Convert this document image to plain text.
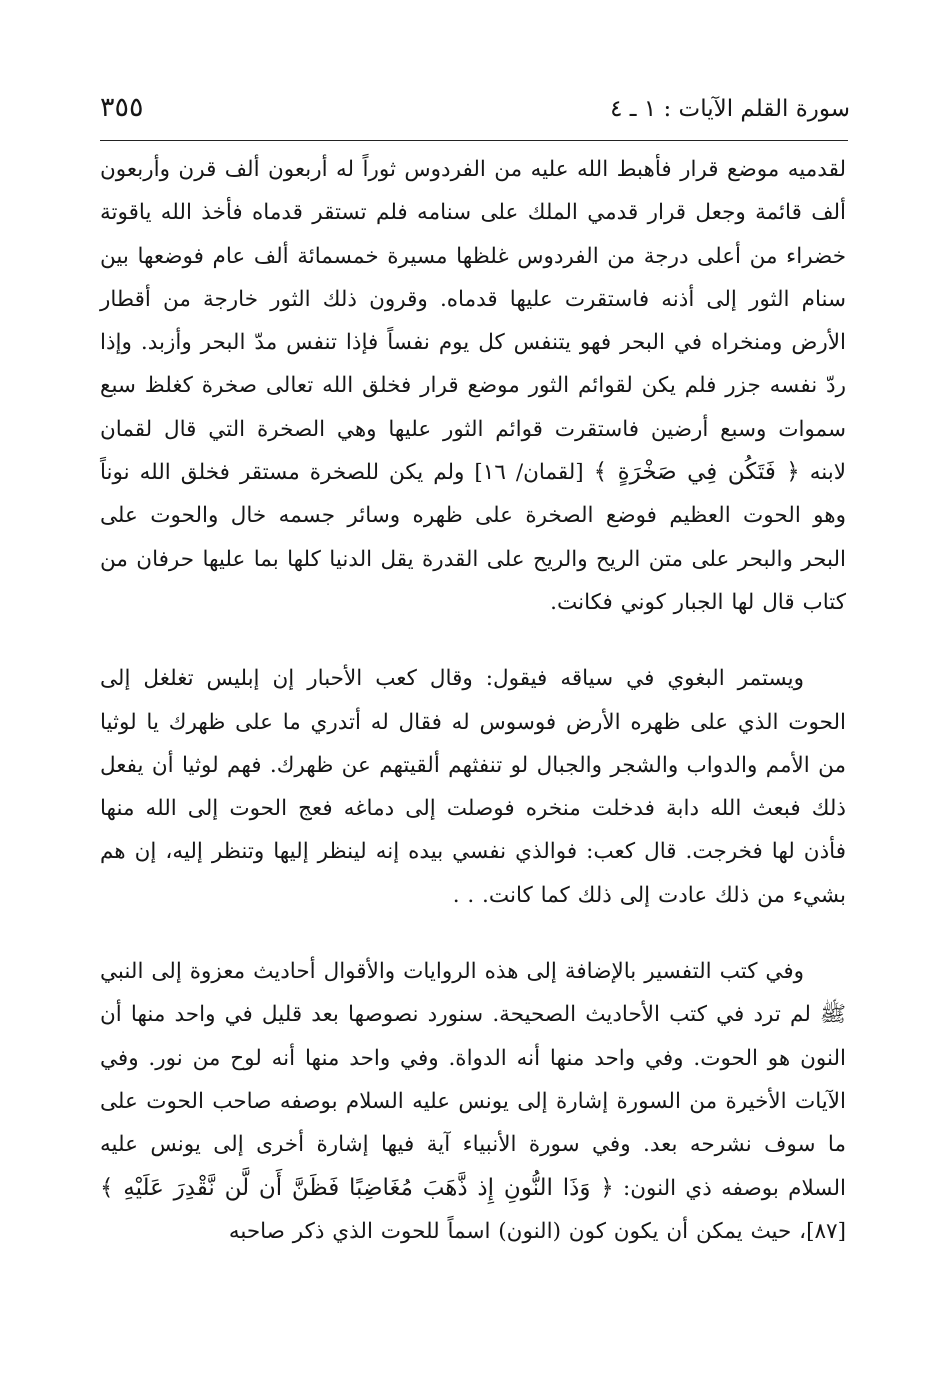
سورة القلم الآيات : ١ ـ ٤
٣٥٥

لقدميه موضع قرار فأهبط الله عليه من الفردوس ثوراً له أربعون ألف قرن وأربعون ألف قائمة وجعل قرار قدمي الملك على سنامه فلم تستقر قدماه فأخذ الله ياقوتة خضراء من أعلى درجة من الفردوس غلظها مسيرة خمسمائة ألف عام فوضعها بين سنام الثور إلى أذنه فاستقرت عليها قدماه. وقرون ذلك الثور خارجة من أقطار الأرض ومنخراه في البحر فهو يتنفس كل يوم نفساً فإذا تنفس مدّ البحر وأزبد. وإذا ردّ نفسه جزر فلم يكن لقوائم الثور موضع قرار فخلق الله تعالى صخرة كغلظ سبع سموات وسبع أرضين فاستقرت قوائم الثور عليها وهي الصخرة التي قال لقمان لابنه ﴿ فَتَكُن فِي صَخْرَةٍ ﴾ [لقمان/ ١٦] ولم يكن للصخرة مستقر فخلق الله نوناً وهو الحوت العظيم فوضع الصخرة على ظهره وسائر جسمه خال والحوت على البحر والبحر على متن الريح والريح على القدرة يقل الدنيا كلها بما عليها حرفان من كتاب قال لها الجبار كوني فكانت.

ويستمر البغوي في سياقه فيقول: وقال كعب الأحبار إن إبليس تغلغل إلى الحوت الذي على ظهره الأرض فوسوس له فقال له أتدري ما على ظهرك يا لوثيا من الأمم والدواب والشجر والجبال لو تنفثهم ألقيتهم عن ظهرك. فهم لوثيا أن يفعل ذلك فبعث الله دابة فدخلت منخره فوصلت إلى دماغه فعج الحوت إلى الله منها فأذن لها فخرجت. قال كعب: فوالذي نفسي بيده إنه لينظر إليها وتنظر إليه، إن هم بشيء من ذلك عادت إلى ذلك كما كانت. . .

وفي كتب التفسير بالإضافة إلى هذه الروايات والأقوال أحاديث معزوة إلى النبي ﷺ لم ترد في كتب الأحاديث الصحيحة. سنورد نصوصها بعد قليل في واحد منها أن النون هو الحوت. وفي واحد منها أنه الدواة. وفي واحد منها أنه لوح من نور. وفي الآيات الأخيرة من السورة إشارة إلى يونس عليه السلام بوصفه صاحب الحوت على ما سوف نشرحه بعد. وفي سورة الأنبياء آية فيها إشارة أخرى إلى يونس عليه السلام بوصفه ذي النون: ﴿ وَذَا النُّونِ إِذ ذَّهَبَ مُغَاضِبًا فَظَنَّ أَن لَّن نَّقْدِرَ عَلَيْهِ ﴾ [٨٧]، حيث يمكن أن يكون كون (النون) اسماً للحوت الذي ذكر صاحبه
